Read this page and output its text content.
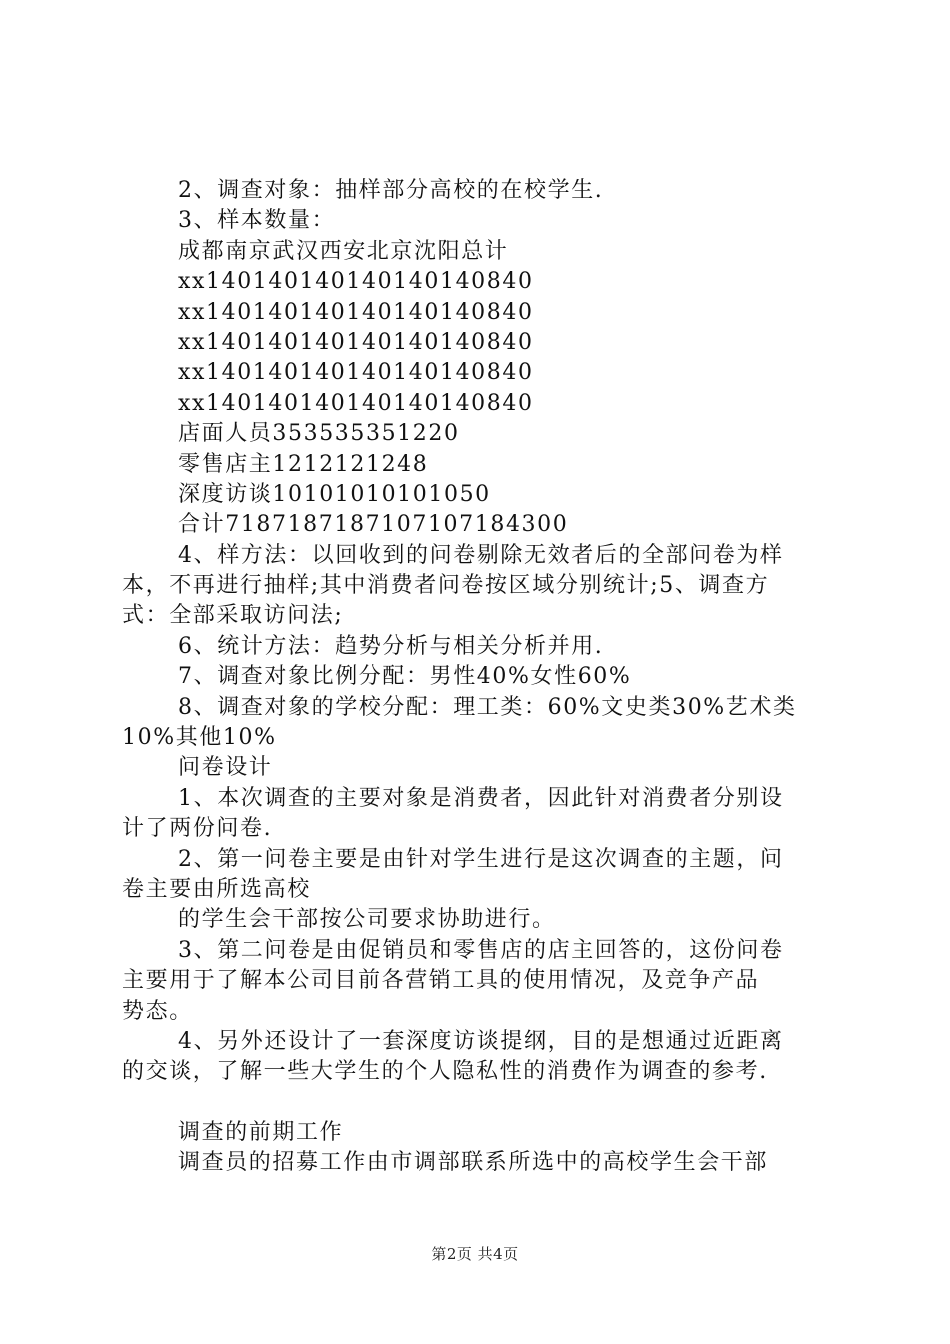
2、调查对象：抽样部分高校的在校学生.
3、样本数量：
成都南京武汉西安北京沈阳总计
xx140140140140140140840
xx140140140140140140840
xx140140140140140140840
xx140140140140140140840
xx140140140140140140840
店面人员353535351220
零售店主1212121248
深度访谈10101010101050
合计718718718710710718430​0
4、样方法：以回收到的问卷剔除无效者后的全部问卷为样
本，不再进行抽样;其中消费者问卷按区域分别统计;5、调查方
式：全部采取访问法;
6、统计方法：趋势分析与相关分析并用.
7、调查对象比例分配：男性40%女性60%
8、调查对象的学校分配：理工类：60%文史类30%艺术类
10%其他10%
问卷设计
1、本次调查的主要对象是消费者，因此针对消费者分别设
计了两份问卷.
2、第一问卷主要是由针对学生进行是这次调查的主题，问
卷主要由所选高校
的学生会干部按公司要求协助进行。
3、第二问卷是由促销员和零售店的店主回答的，这份问卷
主要用于了解本公司目前各营销工具的使用情况，及竞争产品
势态。
4、另外还设计了一套深度访谈提纲，目的是想通过近距离
的交谈，了解一些大学生的个人隐私性的消费作为调查的参考.
调查的前期工作
调查员的招募工作由市调部联系所选中的高校学生会干部
第2页 共4页
